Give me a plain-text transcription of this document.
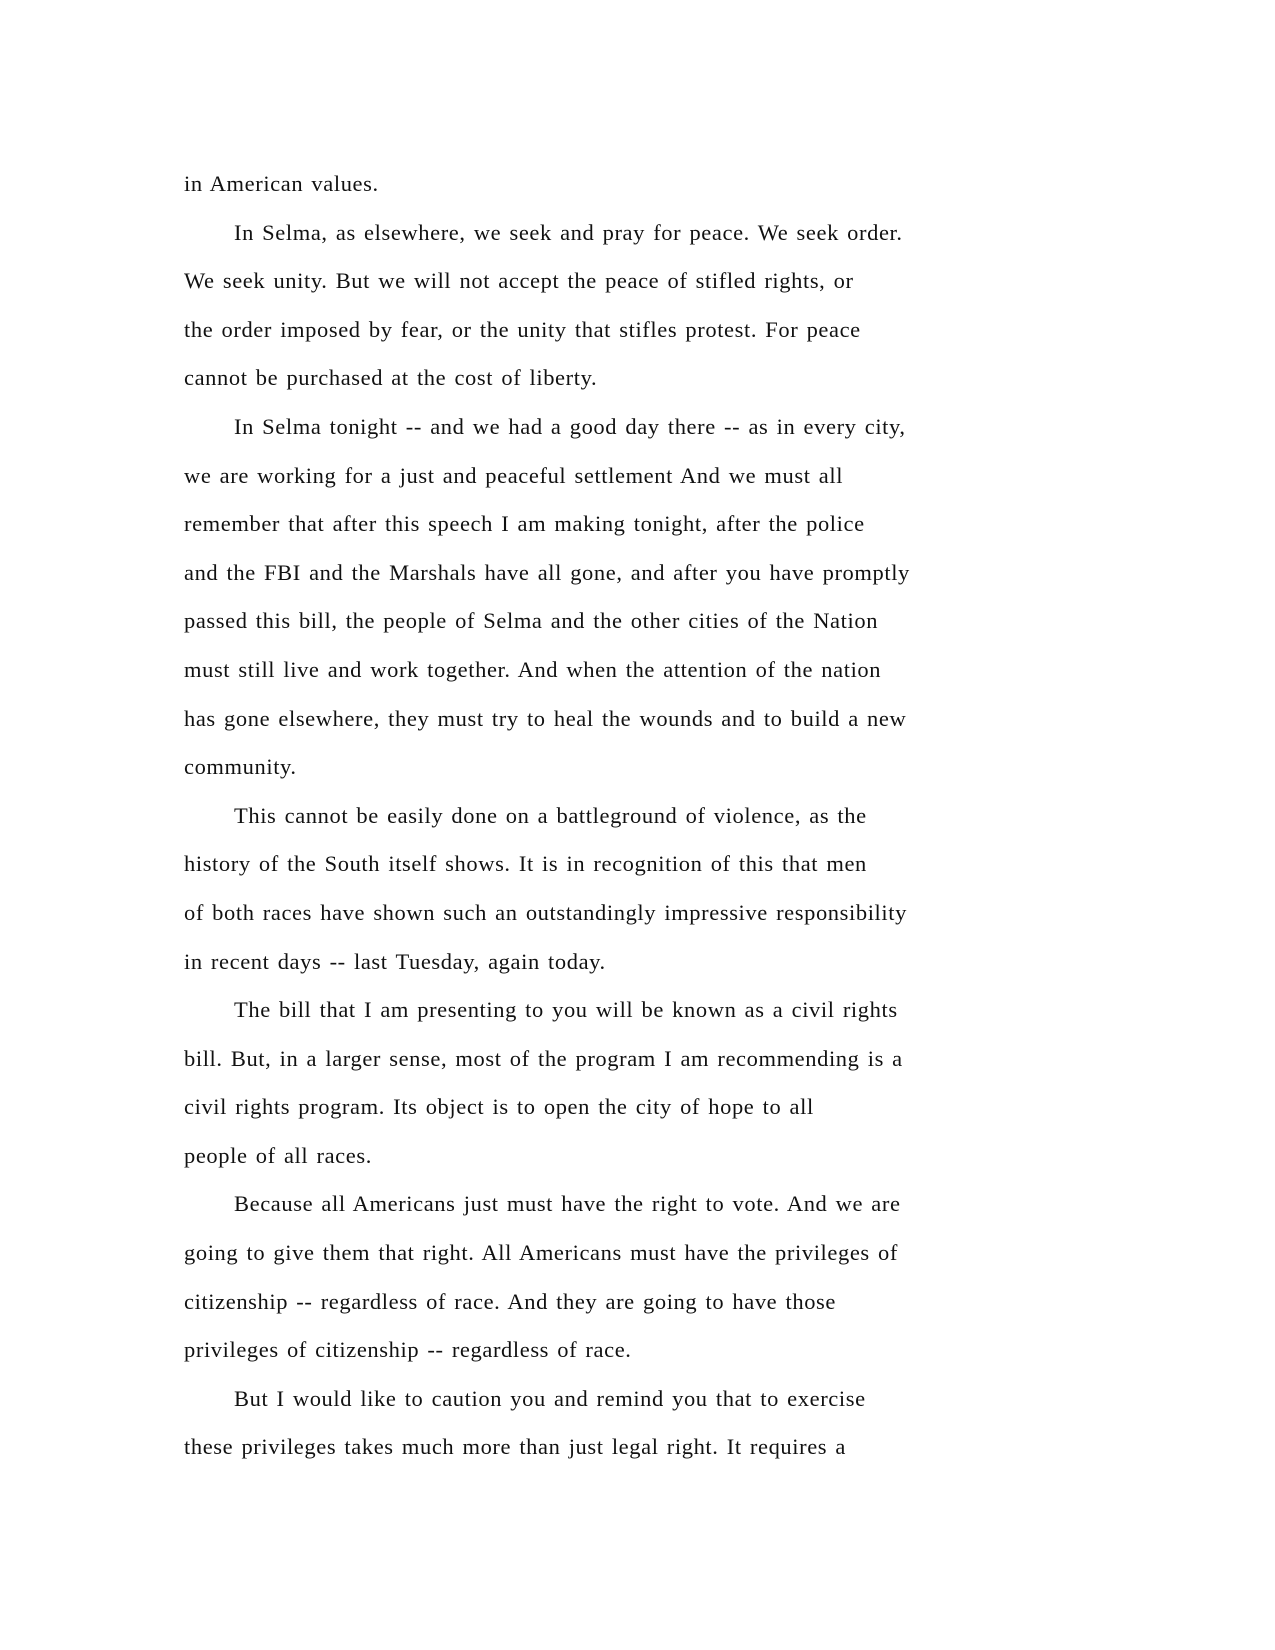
in American values.
In Selma, as elsewhere, we seek and pray for peace. We seek order.
We seek unity. But we will not accept the peace of stifled rights, or
the order imposed by fear, or the unity that stifles protest. For peace
cannot be purchased at the cost of liberty.
In Selma tonight -- and we had a good day there -- as in every city,
we are working for a just and peaceful settlement And we must all
remember that after this speech I am making tonight, after the police
and the FBI and the Marshals have all gone, and after you have promptly
passed this bill, the people of Selma and the other cities of the Nation
must still live and work together. And when the attention of the nation
has gone elsewhere, they must try to heal the wounds and to build a new
community.
This cannot be easily done on a battleground of violence, as the
history of the South itself shows. It is in recognition of this that men
of both races have shown such an outstandingly impressive responsibility
in recent days -- last Tuesday, again today.
The bill that I am presenting to you will be known as a civil rights
bill. But, in a larger sense, most of the program I am recommending is a
civil rights program. Its object is to open the city of hope to all
people of all races.
Because all Americans just must have the right to vote. And we are
going to give them that right. All Americans must have the privileges of
citizenship -- regardless of race. And they are going to have those
privileges of citizenship -- regardless of race.
But I would like to caution you and remind you that to exercise
these privileges takes much more than just legal right. It requires a
